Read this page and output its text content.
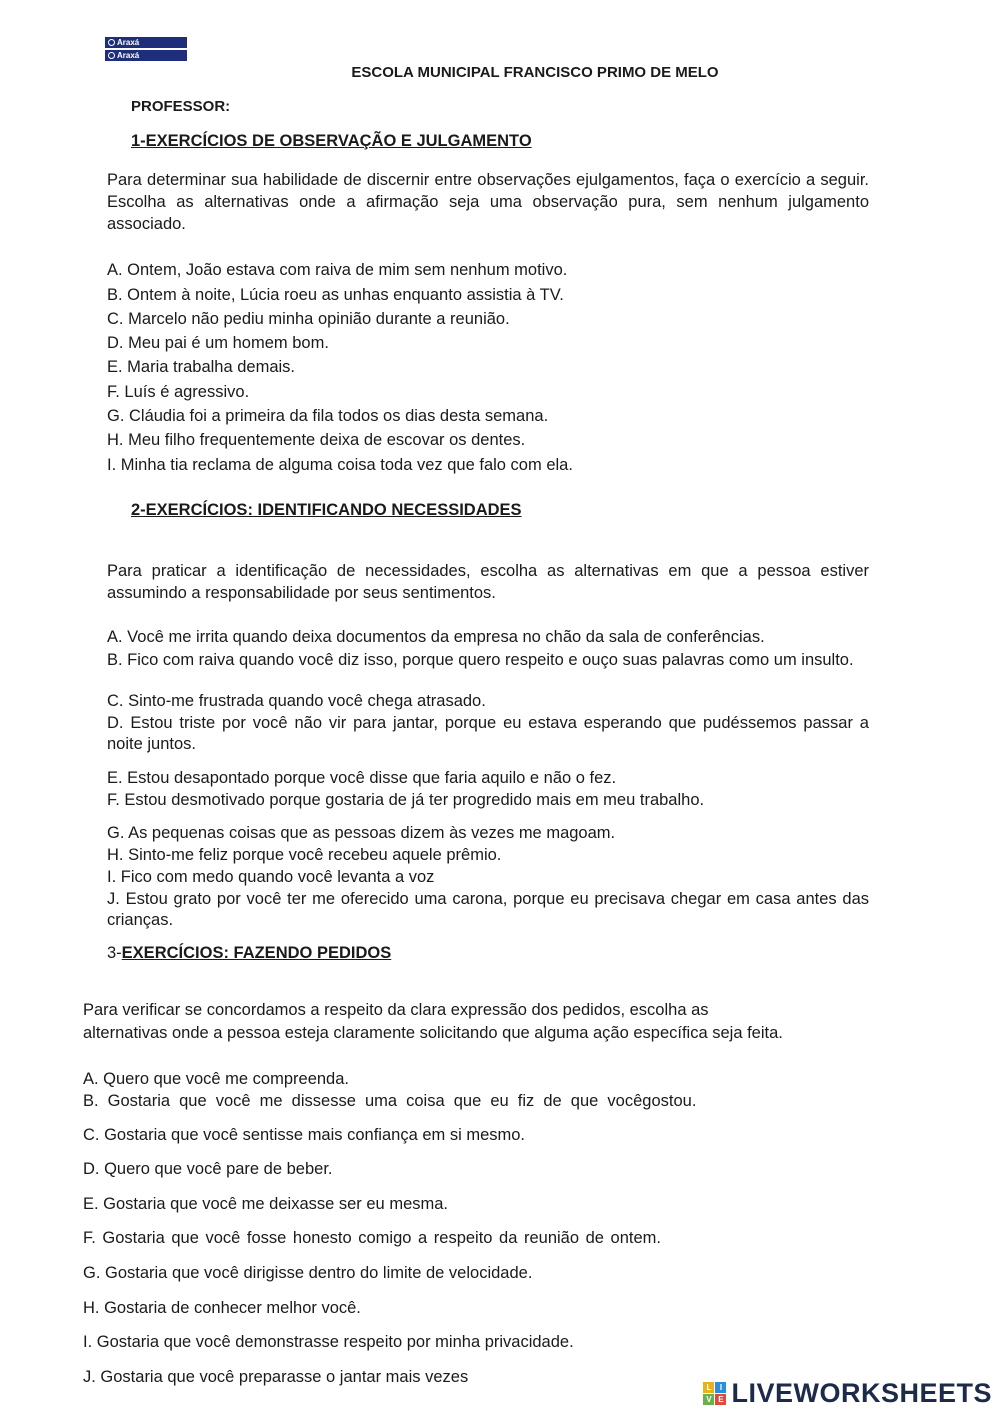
Araxá
Araxá
ESCOLA MUNICIPAL FRANCISCO PRIMO DE MELO
PROFESSOR:
1-EXERCÍCIOS DE OBSERVAÇÃO E JULGAMENTO
Para determinar sua habilidade de discernir entre observações ejulgamentos, faça o exercício a seguir. Escolha as alternativas onde a afirmação seja uma observação pura, sem nenhum julgamento associado.
A. Ontem, João estava com raiva de mim sem nenhum motivo.
B. Ontem à noite, Lúcia roeu as unhas enquanto assistia à TV.
C. Marcelo não pediu minha opinião durante a reunião.
D. Meu pai é um homem bom.
E. Maria trabalha demais.
F. Luís é agressivo.
G. Cláudia foi a primeira da fila todos os dias desta semana.
H. Meu filho frequentemente deixa de escovar os dentes.
I. Minha tia reclama de alguma coisa toda vez que falo com ela.
2-EXERCÍCIOS: IDENTIFICANDO NECESSIDADES
Para praticar a identificação de necessidades, escolha as alternativas em que a pessoa estiver assumindo a responsabilidade por seus sentimentos.
A. Você me irrita quando deixa documentos da empresa no chão da sala de conferências.
B. Fico com raiva quando você diz isso, porque quero respeito e ouço suas palavras como um insulto.
C. Sinto-me frustrada quando você chega atrasado.
D. Estou triste por você não vir para jantar, porque eu estava esperando que pudéssemos passar a noite juntos.
E. Estou desapontado porque você disse que faria aquilo e não o fez.
F. Estou desmotivado porque gostaria de já ter progredido mais em meu trabalho.
G. As pequenas coisas que as pessoas dizem às vezes me magoam.
H. Sinto-me feliz porque você recebeu aquele prêmio.
I. Fico com medo quando você levanta a voz
J. Estou grato por você ter me oferecido uma carona, porque eu precisava chegar em casa antes das crianças.
3-EXERCÍCIOS: FAZENDO PEDIDOS
Para verificar se concordamos a respeito da clara expressão dos pedidos, escolha as
alternativas onde a pessoa esteja claramente solicitando que alguma ação específica seja feita.
A. Quero que você me compreenda.
B. Gostaria que você me dissesse uma coisa que eu fiz de que vocêgostou.
C. Gostaria que você sentisse mais confiança em si mesmo.
D. Quero que você pare de beber.
E. Gostaria que você me deixasse ser eu mesma.
F. Gostaria que você fosse honesto comigo a respeito da reunião de ontem.
G. Gostaria que você dirigisse dentro do limite de velocidade.
H. Gostaria de conhecer melhor você.
I. Gostaria que você demonstrasse respeito por minha privacidade.
J. Gostaria que você preparasse o jantar mais vezes
L	I
V E LIVEWORKSHEETS
